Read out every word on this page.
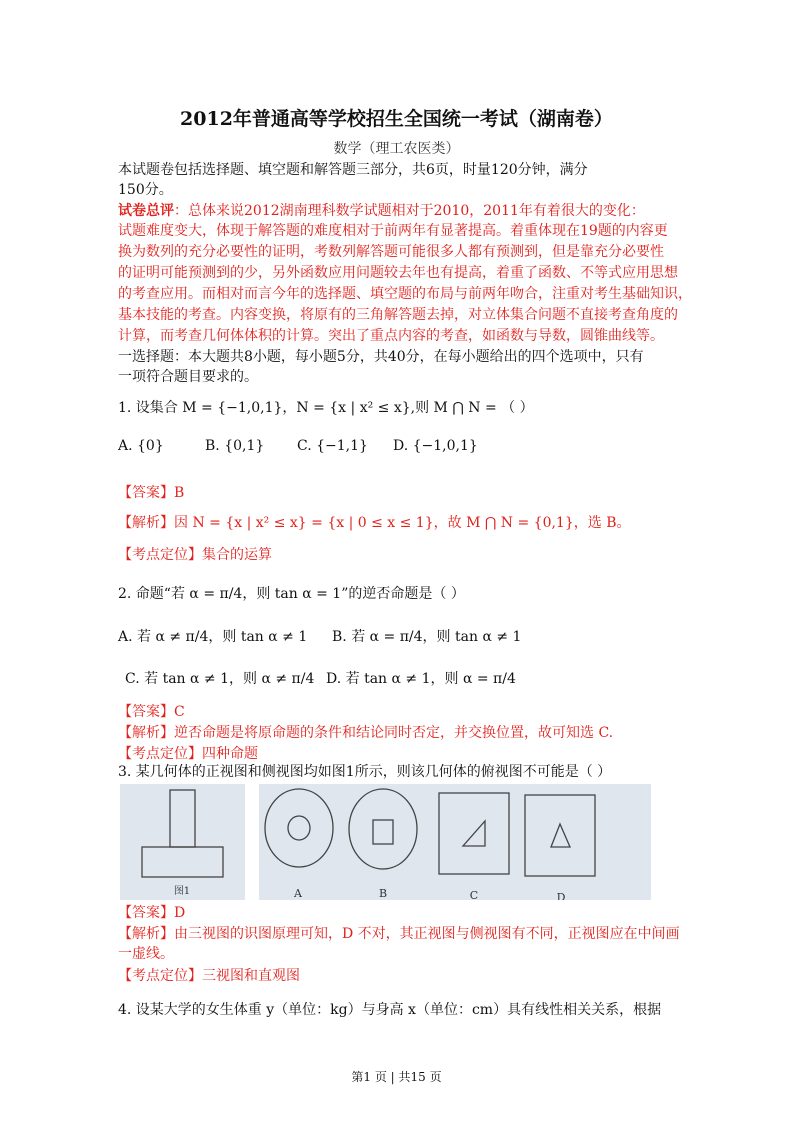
2012年普通高等学校招生全国统一考试（湖南卷）
数学（理工农医类）
本试题卷包括选择题、填空题和解答题三部分，共6页，时量120分钟，满分
150分。
试卷总评：总体来说2012湖南理科数学试题相对于2010，2011年有着很大的变化：
试题难度变大，体现于解答题的难度相对于前两年有显著提高。着重体现在19题的内容更
换为数列的充分必要性的证明，考数列解答题可能很多人都有预测到，但是靠充分必要性
的证明可能预测到的少，另外函数应用问题较去年也有提高，着重了函数、不等式应用思想
的考查应用。而相对而言今年的选择题、填空题的布局与前两年吻合，注重对考生基础知识，
基本技能的考查。内容变换，将原有的三角解答题去掉，对立体集合问题不直接考查角度的
计算，而考查几何体体积的计算。突出了重点内容的考查，如函数与导数，圆锥曲线等。
一选择题：本大题共8小题，每小题5分，共40分，在每小题给出的四个选项中，只有
一项符合题目要求的。
1. 设集合 M = {−1,0,1}，N = {x | x² ≤ x},则 M ⋂ N = （ ）
A. {0}	B. {0,1} C. {−1,1} D. {−1,0,1}
【答案】B
【解析】因 N = {x | x² ≤ x} = {x | 0 ≤ x ≤ 1}，故 M ⋂ N = {0,1}，选 B。
【考点定位】集合的运算
2. 命题“若 α = π/4，则 tan α = 1”的逆否命题是（ ）
A. 若 α ≠ π/4，则 tan α ≠ 1 B. 若 α = π/4，则 tan α ≠ 1
C. 若 tan α ≠ 1，则 α ≠ π/4 D. 若 tan α ≠ 1，则 α = π/4
【答案】C
【解析】逆否命题是将原命题的条件和结论同时否定，并交换位置，故可知选 C.
【考点定位】四种命题
3. 某几何体的正视图和侧视图均如图1所示，则该几何体的俯视图不可能是（ ）
图1	A	B	C	D
【答案】D
【解析】由三视图的识图原理可知，D 不对，其正视图与侧视图有不同，正视图应在中间画
一虚线。
【考点定位】三视图和直观图
4. 设某大学的女生体重 y（单位：kg）与身高 x（单位：cm）具有线性相关关系，根据
第1 页 | 共15 页
